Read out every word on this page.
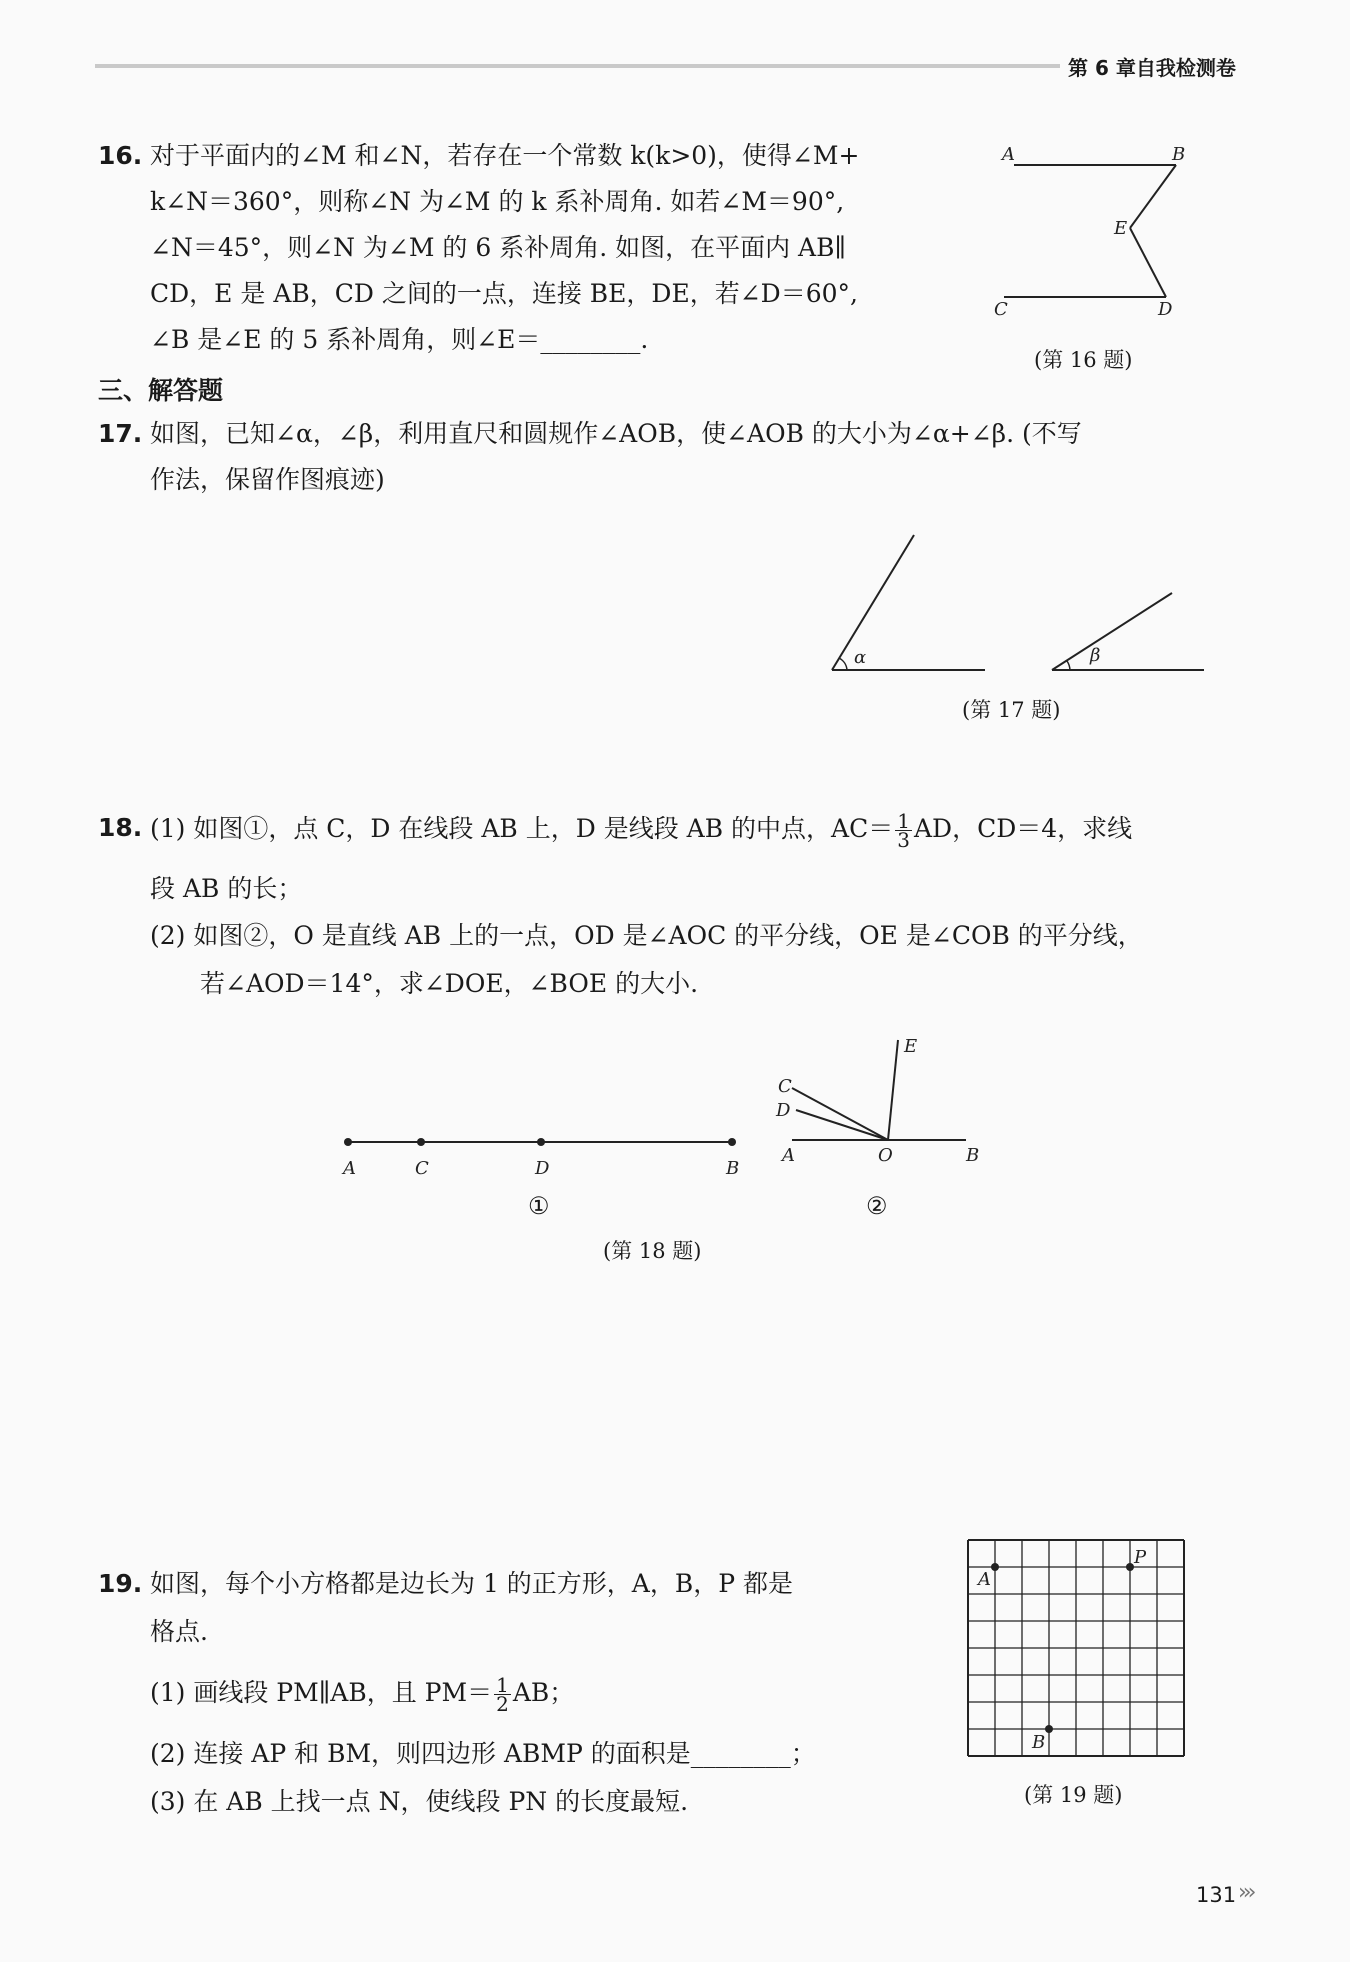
第 6 章自我检测卷
16. 对于平面内的∠M 和∠N，若存在一个常数 k(k>0)，使得∠M+
k∠N＝360°，则称∠N 为∠M 的 k 系补周角. 如若∠M＝90°,
∠N＝45°，则∠N 为∠M 的 6 系补周角. 如图，在平面内 AB∥
CD，E 是 AB，CD 之间的一点，连接 BE，DE，若∠D＝60°,
∠B 是∠E 的 5 系补周角，则∠E＝________.
A	B
E
C	D
(第 16 题)
三、解答题
17. 如图，已知∠α，∠β，利用直尺和圆规作∠AOB，使∠AOB 的大小为∠α+∠β. (不写
作法，保留作图痕迹)
α	β
(第 17 题)
18. (1) 如图①，点 C，D 在线段 AB 上，D 是线段 AB 的中点，$AC= \frac{1}{3}$ AD，CD＝4，求线
段 AB 的长；
(2) 如图②，O 是直线 AB 上的一点，OD 是∠AOC 的平分线，OE 是∠COB 的平分线，
若∠AOD＝14°，求∠DOE，∠BOE 的大小.
A	C	D	B
E
C
D
A	O	B
①	②
(第 18 题)
19. 如图，每个小方格都是边长为 1 的正方形，A，B，P 都是
格点.
(1) 画线段 PM∥AB，且 $PM= \frac{1}{2}$ AB；
(2) 连接 AP 和 BM，则四边形 ABMP 的面积是________；
(3) 在 AB 上找一点 N，使线段 PN 的长度最短.
A
P
B
(第 19 题)
131 ›››
